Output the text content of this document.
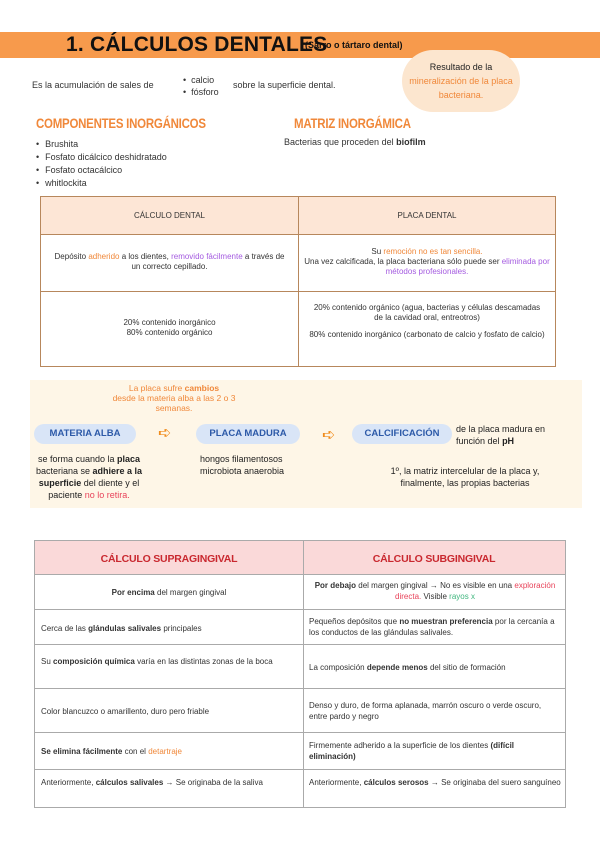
1. CÁLCULOS DENTALES
(Sarro o tártaro dental)
Resultado de la
mineralización de la placa bacteriana.
Es la acumulación de sales de
•	calcio
• fósforo
sobre la superficie dental.
COMPONENTES INORGÁNICOS
• Brushita
• Fosfato dicálcico deshidratado
• Fosfato octacálcico
• whitlockita
MATRIZ INORGÁMICA
Bacterias que proceden del biofilm
CÁLCULO DENTAL	PLACA DENTAL
Depósito adherido a los dientes, removido fácilmente a través de un correcto cepillado.
Su remoción no es tan sencilla.
Una vez calcificada, la placa bacteriana sólo puede ser eliminada por métodos profesionales.
20% contenido inorgánico
80% contenido orgánico
20% contenido orgánico (agua, bacterias y células descamadas de la cavidad oral, entreotros)
80% contenido inorgánico (carbonato de calcio y fosfato de calcio)
La placa sufre cambios
desde la materia alba a las 2 o 3 semanas.
MATERIA ALBA	➪	PLACA MADURA	➪	CALCIFICACIÓN	de la placa madura en función del pH
se forma cuando la placa bacteriana se adhiere a la superficie del diente y el paciente no lo retira.
hongos filamentosos
microbiota anaerobia	1º, la matriz intercelular de la placa y,
finalmente, las propias bacterias
CÁLCULO SUPRAGINGIVAL	CÁLCULO SUBGINGIVAL
Por encima del margen gingival
Por debajo del margen gingival → No es visible en una exploración directa. Visible rayos x
Cerca de las glándulas salivales principales
Pequeños depósitos que no muestran preferencia por la cercanía a los conductos de las glándulas salivales.
Su composición química varía en las distintas zonas de la boca
La composición depende menos del sitio de formación
Color blancuzco o amarillento, duro pero friable
Denso y duro, de forma aplanada, marrón oscuro o verde oscuro, entre pardo y negro
Se elimina fácilmente con el detartraje
Firmemente adherido a la superficie de los dientes (difícil eliminación)
Anteriormente, cálculos salivales → Se originaba de la saliva	Anteriormente, cálculos serosos → Se originaba del suero sanguíneo
